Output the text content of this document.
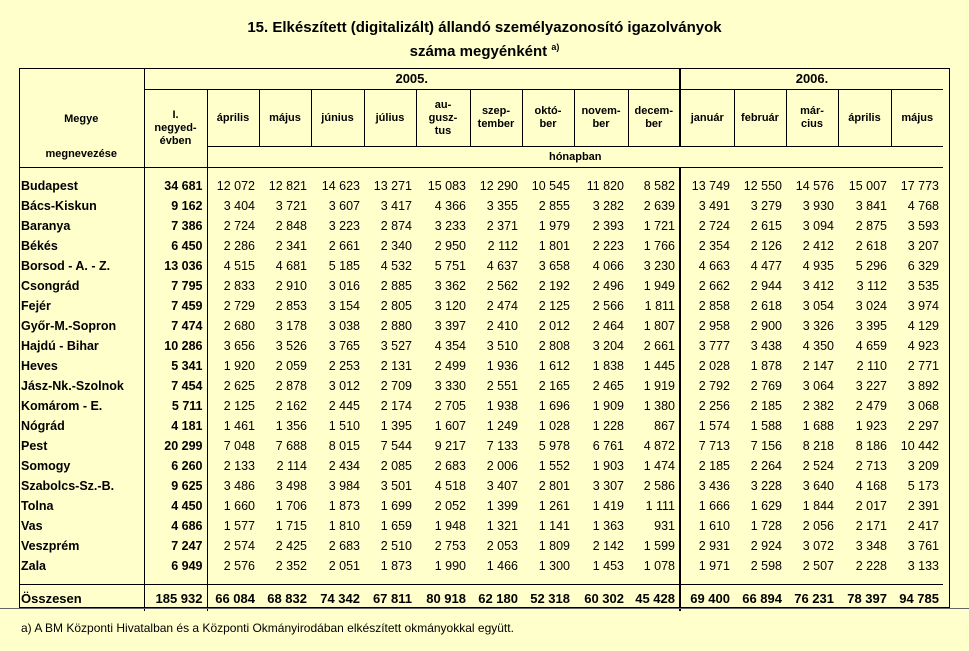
15. Elkészített (digitalizált) állandó személyazonosító igazolványok
száma megyénként $^{a)}$
Megye
megnevezése	2005.										2006.				

	I.
negyed-
évben	április	május	június	július	au-
gusz-
tus	szep-
tember	októ-
ber	novem-
ber	decem-
ber	január	február	már-
cius	április	május
		hónapban													

Budapest	34 681	12 072	12 821	14 623	13 271	15 083	12 290	10 545	11 820	8 582	13 749	12 550	14 576	15 007	17 773
Bács-Kiskun	9 162	3 404	3 721	3 607	3 417	4 366	3 355	2 855	3 282	2 639	3 491	3 279	3 930	3 841	4 768
Baranya	7 386	2 724	2 848	3 223	2 874	3 233	2 371	1 979	2 393	1 721	2 724	2 615	3 094	2 875	3 593
Békés	6 450	2 286	2 341	2 661	2 340	2 950	2 112	1 801	2 223	1 766	2 354	2 126	2 412	2 618	3 207
Borsod - A. - Z.	13 036	4 515	4 681	5 185	4 532	5 751	4 637	3 658	4 066	3 230	4 663	4 477	4 935	5 296	6 329
Csongrád	7 795	2 833	2 910	3 016	2 885	3 362	2 562	2 192	2 496	1 949	2 662	2 944	3 412	3 112	3 535
Fejér	7 459	2 729	2 853	3 154	2 805	3 120	2 474	2 125	2 566	1 811	2 858	2 618	3 054	3 024	3 974
Győr-M.-Sopron	7 474	2 680	3 178	3 038	2 880	3 397	2 410	2 012	2 464	1 807	2 958	2 900	3 326	3 395	4 129
Hajdú - Bihar	10 286	3 656	3 526	3 765	3 527	4 354	3 510	2 808	3 204	2 661	3 777	3 438	4 350	4 659	4 923
Heves	5 341	1 920	2 059	2 253	2 131	2 499	1 936	1 612	1 838	1 445	2 028	1 878	2 147	2 110	2 771
Jász-Nk.-Szolnok	7 454	2 625	2 878	3 012	2 709	3 330	2 551	2 165	2 465	1 919	2 792	2 769	3 064	3 227	3 892
Komárom - E.	5 711	2 125	2 162	2 445	2 174	2 705	1 938	1 696	1 909	1 380	2 256	2 185	2 382	2 479	3 068
Nógrád	4 181	1 461	1 356	1 510	1 395	1 607	1 249	1 028	1 228	867	1 574	1 588	1 688	1 923	2 297
Pest	20 299	7 048	7 688	8 015	7 544	9 217	7 133	5 978	6 761	4 872	7 713	7 156	8 218	8 186	10 442
Somogy	6 260	2 133	2 114	2 434	2 085	2 683	2 006	1 552	1 903	1 474	2 185	2 264	2 524	2 713	3 209
Szabolcs-Sz.-B.	9 625	3 486	3 498	3 984	3 501	4 518	3 407	2 801	3 307	2 586	3 436	3 228	3 640	4 168	5 173
Tolna	4 450	1 660	1 706	1 873	1 699	2 052	1 399	1 261	1 419	1 111	1 666	1 629	1 844	2 017	2 391
Vas	4 686	1 577	1 715	1 810	1 659	1 948	1 321	1 141	1 363	931	1 610	1 728	2 056	2 171	2 417
Veszprém	7 247	2 574	2 425	2 683	2 510	2 753	2 053	1 809	2 142	1 599	2 931	2 924	3 072	3 348	3 761
Zala	6 949	2 576	2 352	2 051	1 873	1 990	1 466	1 300	1 453	1 078	1 971	2 598	2 507	2 228	3 133

Összesen	185 932	66 084	68 832	74 342	67 811	80 918	62 180	52 318	60 302	45 428	69 400	66 894	76 231	78 397	94 785
a) A BM Központi Hivatalban és a Központi Okmányirodában elkészített okmányokkal együtt.
